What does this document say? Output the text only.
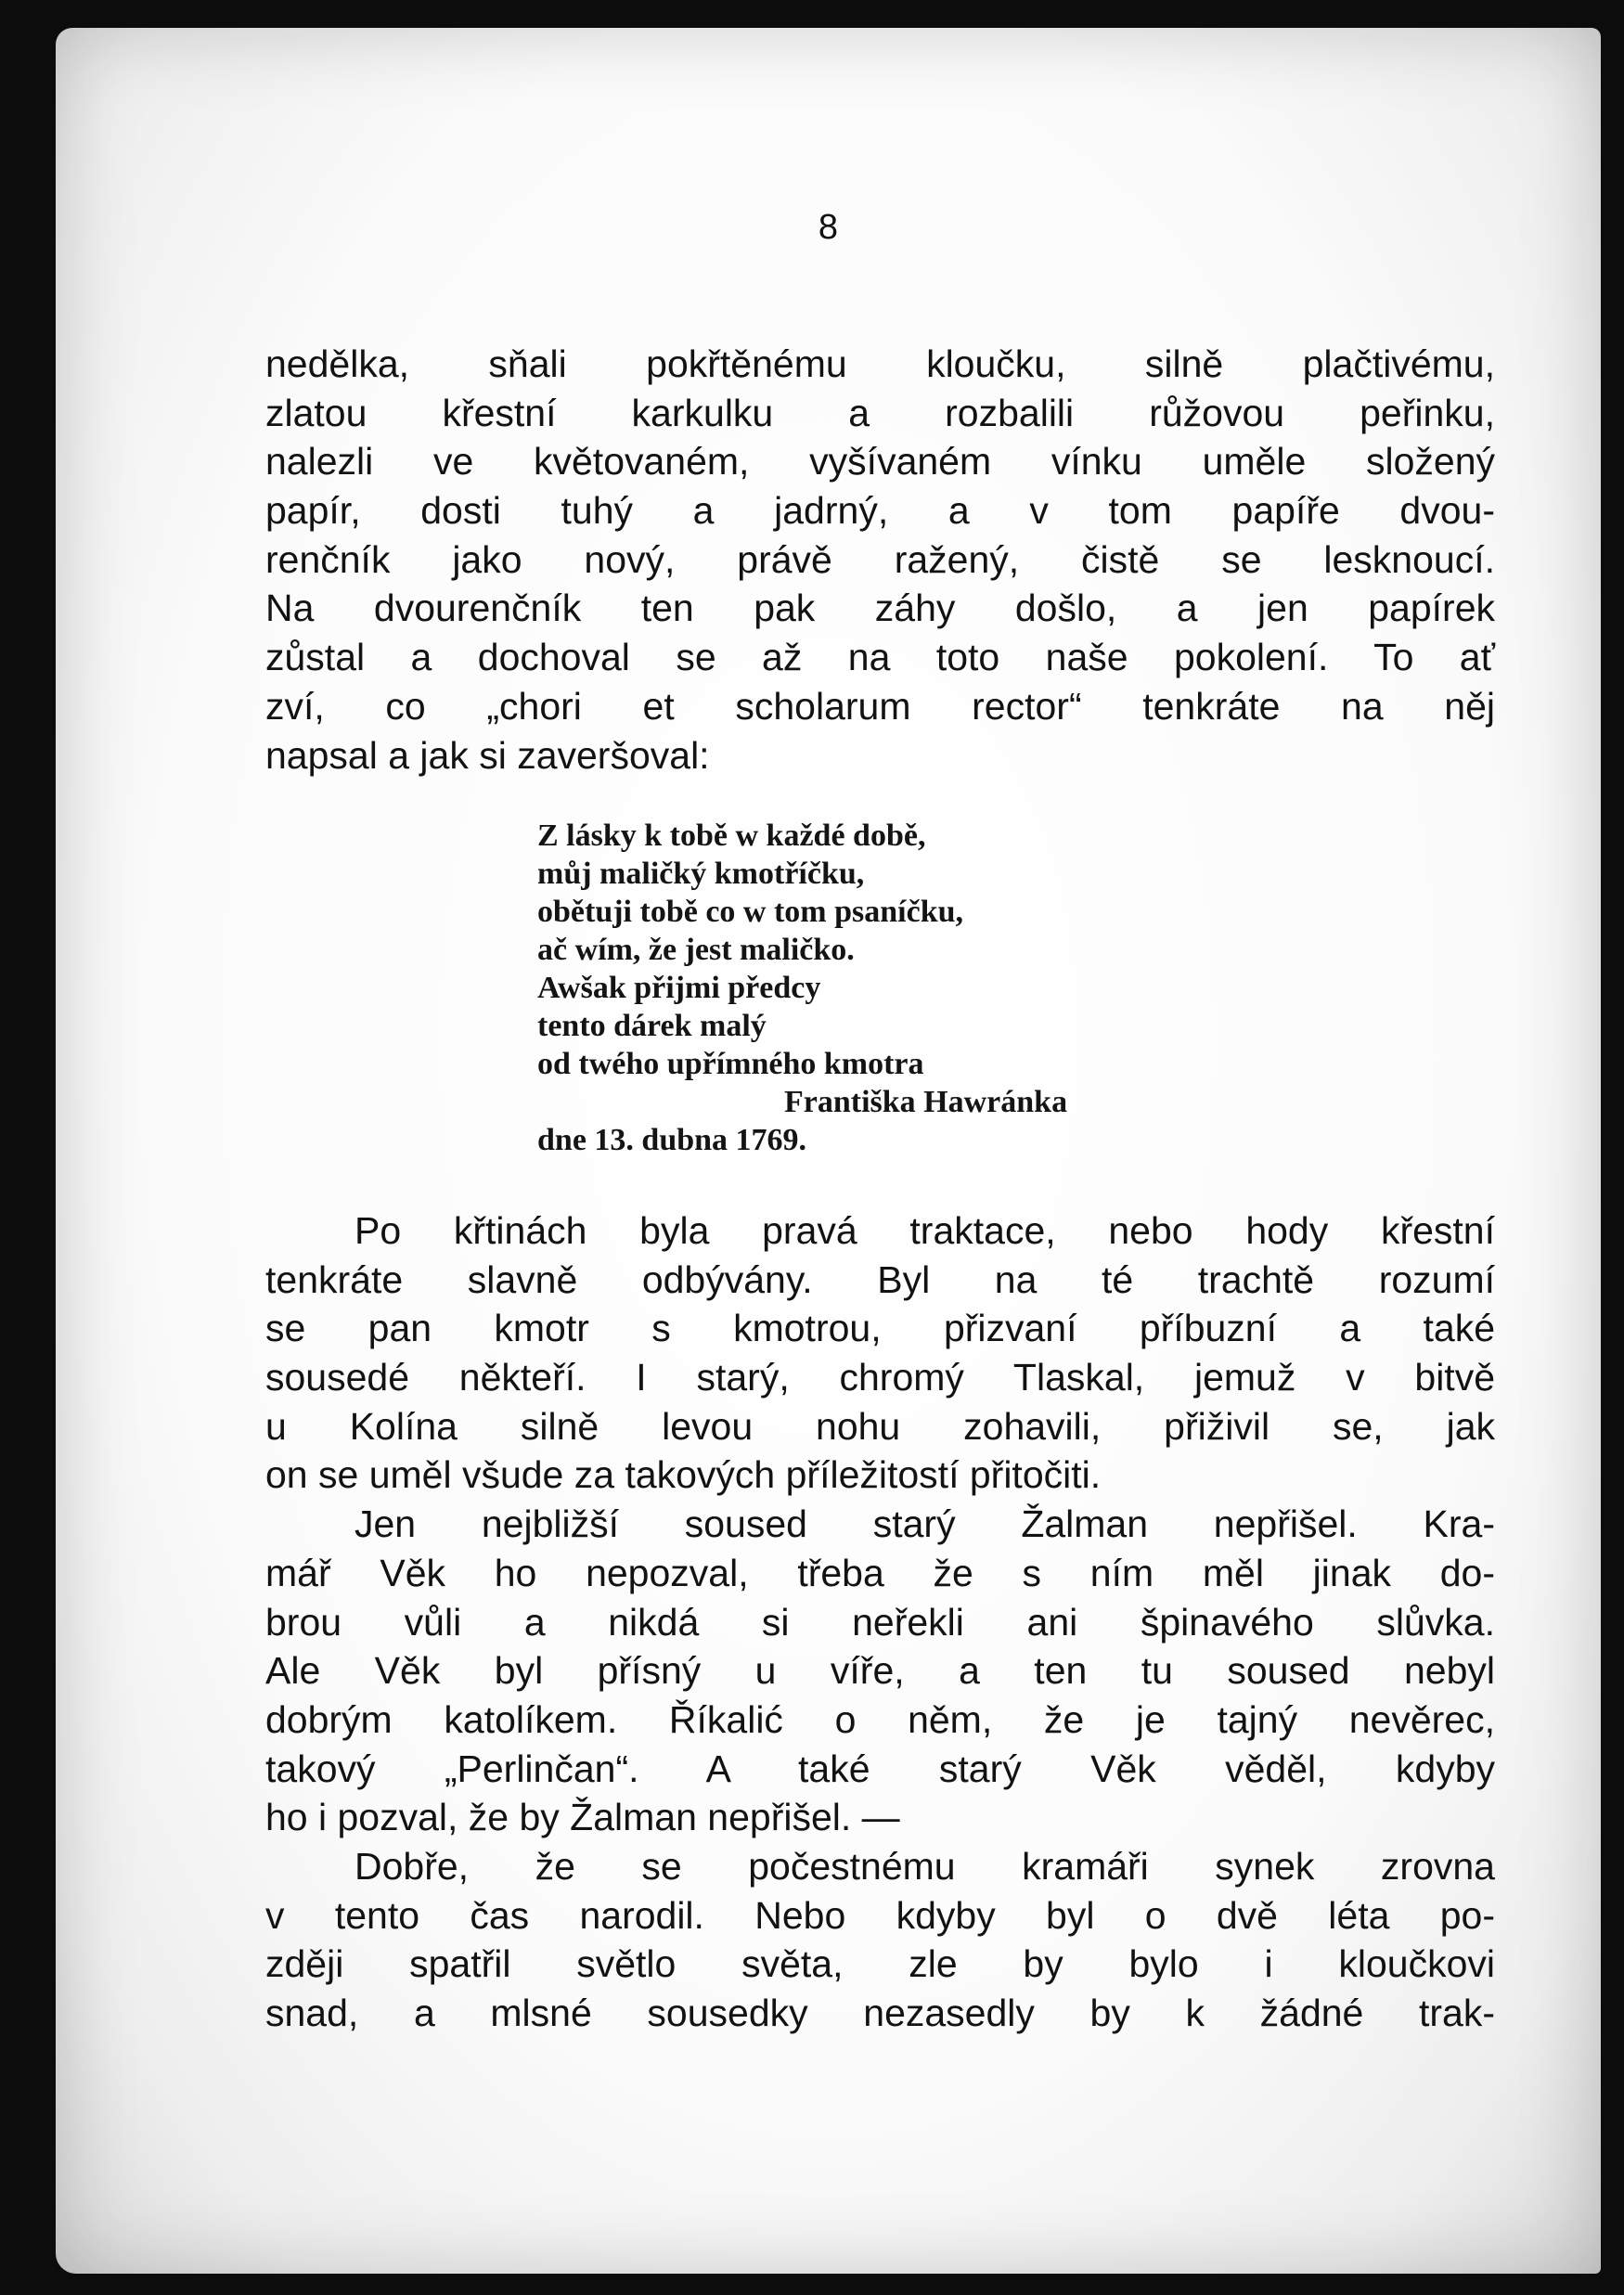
8
nedělka, sňali pokřtěnému kloučku, silně plačtivému,
zlatou křestní karkulku a rozbalili růžovou peřinku,
nalezli ve květovaném, vyšívaném vínku uměle složený
papír, dosti tuhý a jadrný, a v tom papíře dvou-
renčník jako nový, právě ražený, čistě se lesknoucí.
Na dvourenčník ten pak záhy došlo, a jen papírek
zůstal a dochoval se až na toto naše pokolení. To ať
zví, co „chori et scholarum rector“ tenkráte na něj
napsal a jak si zaveršoval:
Z lásky k tobě w každé době,
můj maličký kmotříčku,
obětuji tobě co w tom psaníčku,
ač wím, že jest maličko.
Awšak přijmi předcy
tento dárek malý
od twého upřímného kmotra
Františka Hawránka
dne 13. dubna 1769.
Po křtinách byla pravá traktace, nebo hody křestní
tenkráte slavně odbývány. Byl na té trachtě rozumí
se pan kmotr s kmotrou, přizvaní příbuzní a také
sousedé někteří. I starý, chromý Tlaskal, jemuž v bitvě
u Kolína silně levou nohu zohavili, přiživil se, jak
on se uměl všude za takových příležitostí přitočiti.
Jen nejbližší soused starý Žalman nepřišel. Kra-
mář Věk ho nepozval, třeba že s ním měl jinak do-
brou vůli a nikdá si neřekli ani špinavého slůvka.
Ale Věk byl přísný u víře, a ten tu soused nebyl
dobrým katolíkem. Říkalić o něm, že je tajný nevěrec,
takový „Perlinčan“. A také starý Věk věděl, kdyby
ho i pozval, že by Žalman nepřišel. —
Dobře, že se počestnému kramáři synek zrovna
v tento čas narodil. Nebo kdyby byl o dvě léta po-
zději spatřil světlo světa, zle by bylo i kloučkovi
snad, a mlsné sousedky nezasedly by k žádné trak-
